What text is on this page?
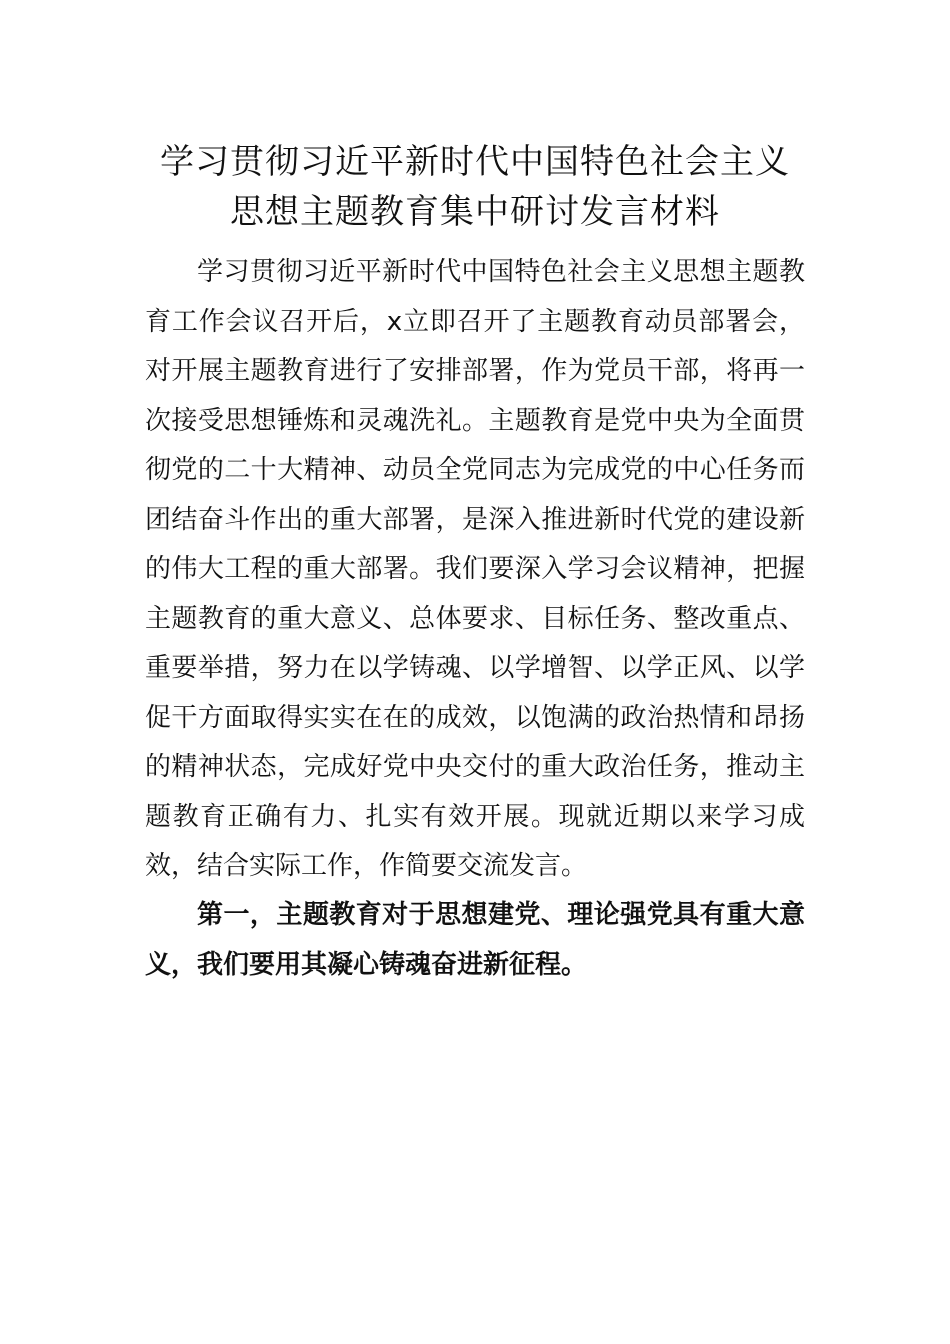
学习贯彻习近平新时代中国特色社会主义
思想主题教育集中研讨发言材料

学习贯彻习近平新时代中国特色社会主义思想主题教育工作会议召开后，x立即召开了主题教育动员部署会，对开展主题教育进行了安排部署，作为党员干部，将再一次接受思想锤炼和灵魂洗礼。主题教育是党中央为全面贯彻党的二十大精神、动员全党同志为完成党的中心任务而团结奋斗作出的重大部署，是深入推进新时代党的建设新的伟大工程的重大部署。我们要深入学习会议精神，把握主题教育的重大意义、总体要求、目标任务、整改重点、重要举措，努力在以学铸魂、以学增智、以学正风、以学促干方面取得实实在在的成效，以饱满的政治热情和昂扬的精神状态，完成好党中央交付的重大政治任务，推动主题教育正确有力、扎实有效开展。现就近期以来学习成效，结合实际工作，作简要交流发言。

第一，主题教育对于思想建党、理论强党具有重大意义，我们要用其凝心铸魂奋进新征程。
